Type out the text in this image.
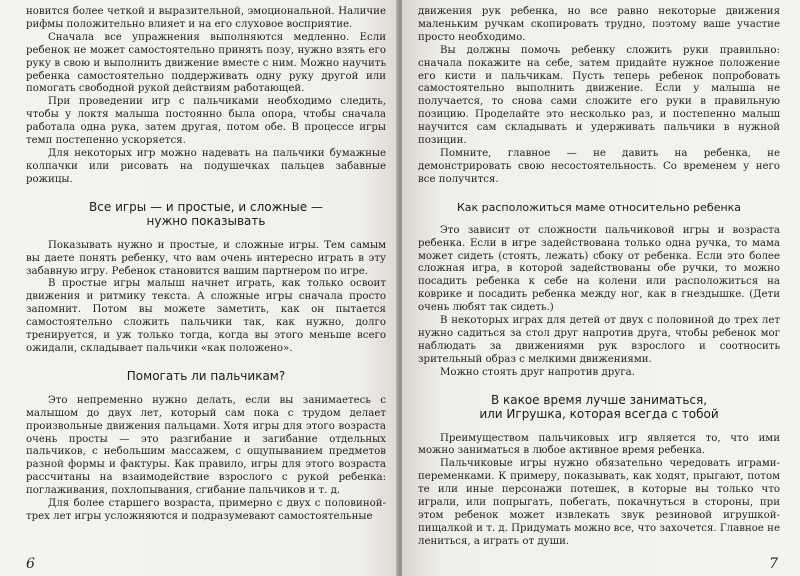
новится более четкой и выразительной, эмоциональной. Наличие рифмы положительно влияет и на его слуховое восприятие.

Сначала все упражнения выполняются медленно. Если ребенок не может самостоятельно принять позу, нужно взять его руку в свою и выполнить движение вместе с ним. Можно научить ребенка самостоятельно поддерживать одну руку другой или помогать свободной рукой действиям работающей.

При проведении игр с пальчиками необходимо следить, чтобы у локтя малыша постоянно была опора, чтобы сначала работала одна рука, затем другая, потом обе. В процессе игры темп постепенно ускоряется.

Для некоторых игр можно надевать на пальчики бумажные колпачки или рисовать на подушечках пальцев забавные рожицы.

Все игры — и простые, и сложные —
нужно показывать

Показывать нужно и простые, и сложные игры. Тем самым вы даете понять ребенку, что вам очень интересно играть в эту забавную игру. Ребенок становится вашим партнером по игре.

В простые игры малыш начнет играть, как только освоит движения и ритмику текста. А сложные игры сначала просто запомнит. Потом вы можете заметить, как он пытается самостоятельно сложить пальчики так, как нужно, долго тренируется, и уж только тогда, когда вы этого меньше всего ожидали, складывает пальчики «как положено».

Помогать ли пальчикам?

Это непременно нужно делать, если вы занимаетесь с малышом до двух лет, который сам пока с трудом делает произвольные движения пальцами. Хотя игры для этого возраста очень просты — это разгибание и загибание отдельных пальчиков, с небольшим массажем, с ощупыванием предметов разной формы и фактуры. Как правило, игры для этого возраста рассчитаны на взаимодействие взрослого с рукой ребенка: поглаживания, похлопывания, сгибание пальчиков и т. д.

Для более старшего возраста, примерно с двух с половиной-трех лет игры усложняются и подразумевают самостоятельные

6

движения рук ребенка, но все равно некоторые движения маленьким ручкам скопировать трудно, поэтому ваше участие просто необходимо.

Вы должны помочь ребенку сложить руки правильно: сначала покажите на себе, затем придайте нужное положение его кисти и пальчикам. Пусть теперь ребенок попробовать самостоятельно выполнить движение. Если у малыша не получается, то снова сами сложите его руки в правильную позицию. Проделайте это несколько раз, и постепенно малыш научится сам складывать и удерживать пальчики в нужной позиции.

Помните, главное — не давить на ребенка, не демонстрировать свою несостоятельность. Со временем у него все получится.

Как расположиться маме относительно ребенка

Это зависит от сложности пальчиковой игры и возраста ребенка. Если в игре задействована только одна ручка, то мама может сидеть (стоять, лежать) сбоку от ребенка. Если это более сложная игра, в которой задействованы обе ручки, то можно посадить ребенка к себе на колени или расположиться на коврике и посадить ребенка между ног, как в гнездышке. (Дети очень любят так сидеть.)

В некоторых играх для детей от двух с половиной до трех лет нужно садиться за стол друг напротив друга, чтобы ребенок мог наблюдать за движениями рук взрослого и соотносить зрительный образ с мелкими движениями.

Можно стоять друг напротив друга.

В какое время лучше заниматься,
или Игрушка, которая всегда с тобой

Преимуществом пальчиковых игр является то, что ими можно заниматься в любое активное время ребенка.

Пальчиковые игры нужно обязательно чередовать играми-переменками. К примеру, показывать, как ходят, прыгают, потом те или иные персонажи потешек, в которые вы только что играли, или попрыгать, побегать, покачнуться в стороны, при этом ребенок может извлекать звук резиновой игрушкой-пищалкой и т. д. Придумать можно все, что захочется. Главное не лениться, а играть от души.

7
